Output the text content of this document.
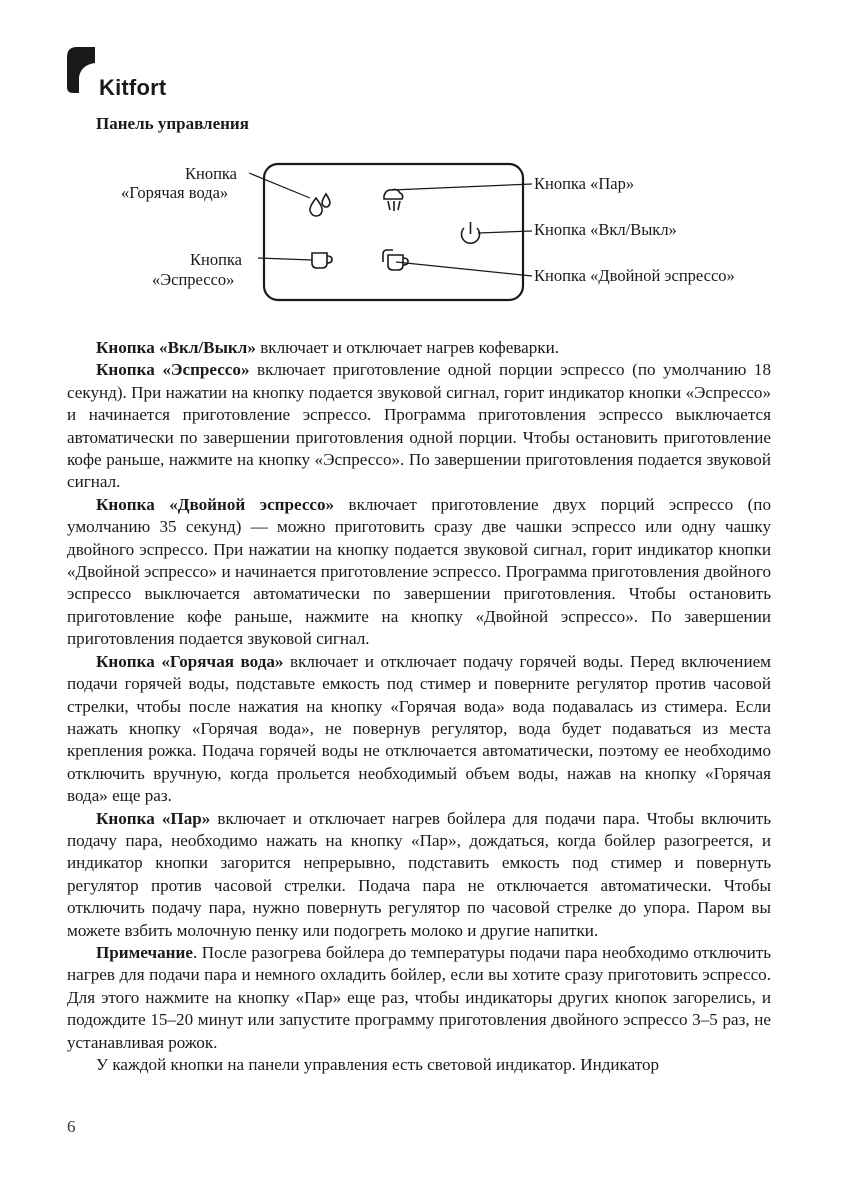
Kitfort
Панель управления
Кнопка
«Горячая вода»	Кнопка «Пар»
Кнопка «Вкл/Выкл»
Кнопка
«Эспрессо»	Кнопка «Двойной эспрессо»

Кнопка «Вкл/Выкл» включает и отключает нагрев кофеварки.

Кнопка «Эспрессо» включает приготовление одной порции эспрессо (по умолчанию 18 секунд). При нажатии на кнопку подается звуковой сигнал, горит индикатор кнопки «Эспрессо» и начинается приготовление эспрессо. Программа приготовления эспрессо выключается автоматически по завершении приготовления одной порции. Чтобы остановить приготовление кофе раньше, нажмите на кнопку «Эспрессо». По завершении приготовления подается звуковой сигнал.

Кнопка «Двойной эспрессо» включает приготовление двух порций эспрессо (по умолчанию 35 секунд) — можно приготовить сразу две чашки эспрессо или одну чашку двойного эспрессо. При нажатии на кнопку подается звуковой сигнал, горит индикатор кнопки «Двойной эспрессо» и начинается приготовление эспрессо. Программа приготовления двойного эспрессо выключается автоматически по завершении приготовления. Чтобы остановить приготовление кофе раньше, нажмите на кнопку «Двойной эспрессо». По завершении приготовления подается звуковой сигнал.

Кнопка «Горячая вода» включает и отключает подачу горячей воды. Перед включением подачи горячей воды, подставьте емкость под стимер и поверните регулятор против часовой стрелки, чтобы после нажатия на кнопку «Горячая вода» вода подавалась из стимера. Если нажать кнопку «Горячая вода», не повернув регулятор, вода будет подаваться из места крепления рожка. Подача горячей воды не отключается автоматически, поэтому ее необходимо отключить вручную, когда прольется необходимый объем воды, нажав на кнопку «Горячая вода» еще раз.

Кнопка «Пар» включает и отключает нагрев бойлера для подачи пара. Чтобы включить подачу пара, необходимо нажать на кнопку «Пар», дождаться, когда бойлер разогреется, и индикатор кнопки загорится непрерывно, подставить емкость под стимер и повернуть регулятор против часовой стрелки. Подача пара не отключается автоматически. Чтобы отключить подачу пара, нужно повернуть регулятор по часовой стрелке до упора. Паром вы можете взбить молочную пенку или подогреть молоко и другие напитки.

Примечание. После разогрева бойлера до температуры подачи пара необходимо отключить нагрев для подачи пара и немного охладить бойлер, если вы хотите сразу приготовить эспрессо. Для этого нажмите на кнопку «Пар» еще раз, чтобы индикаторы других кнопок загорелись, и подождите 15–20 минут или запустите программу приготовления двойного эспрессо 3–5 раз, не устанавливая рожок.

У каждой кнопки на панели управления есть световой индикатор. Индикатор

6
